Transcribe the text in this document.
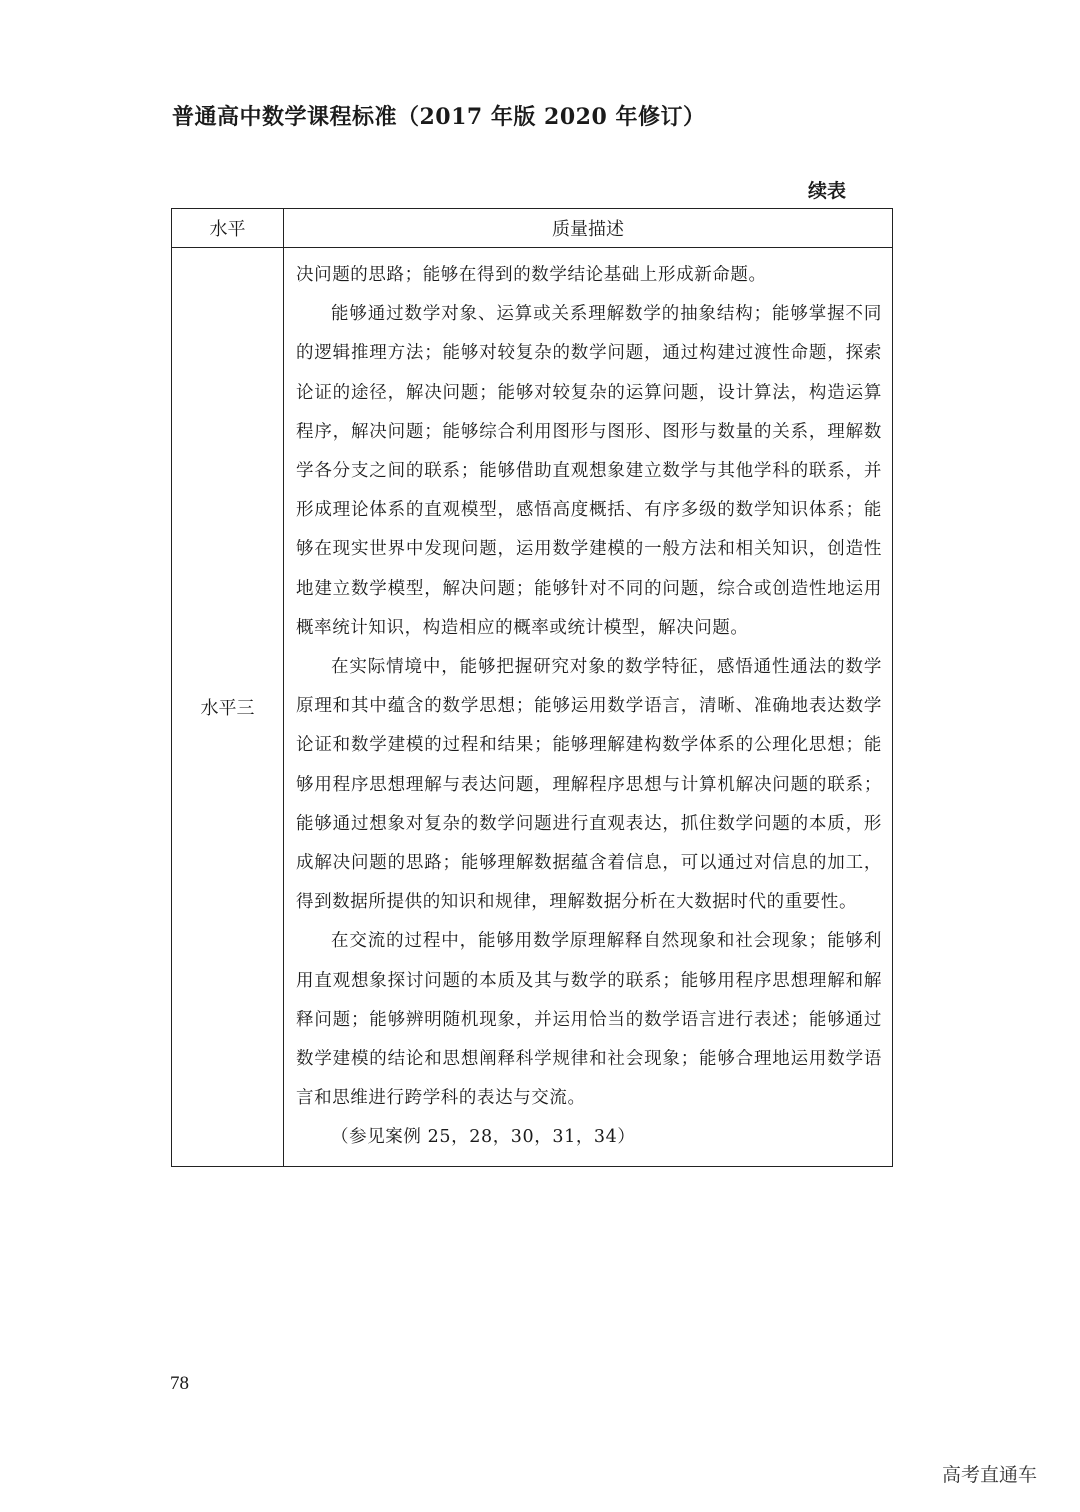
普通高中数学课程标准（2017 年版 2020 年修订）
续表
水平	质量描述
水平三	决问题的思路；能够在得到的数学结论基础上形成新命题。

能够通过数学对象、运算或关系理解数学的抽象结构；能够掌握不同的逻辑推理方法；能够对较复杂的数学问题，通过构建过渡性命题，探索论证的途径，解决问题；能够对较复杂的运算问题，设计算法，构造运算程序，解决问题；能够综合利用图形与图形、图形与数量的关系，理解数学各分支之间的联系；能够借助直观想象建立数学与其他学科的联系，并形成理论体系的直观模型，感悟高度概括、有序多级的数学知识体系；能够在现实世界中发现问题，运用数学建模的一般方法和相关知识，创造性地建立数学模型，解决问题；能够针对不同的问题，综合或创造性地运用概率统计知识，构造相应的概率或统计模型，解决问题。

在实际情境中，能够把握研究对象的数学特征，感悟通性通法的数学原理和其中蕴含的数学思想；能够运用数学语言，清晰、准确地表达数学论证和数学建模的过程和结果；能够理解建构数学体系的公理化思想；能够用程序思想理解与表达问题，理解程序思想与计算机解决问题的联系；能够通过想象对复杂的数学问题进行直观表达，抓住数学问题的本质，形成解决问题的思路；能够理解数据蕴含着信息，可以通过对信息的加工，得到数据所提供的知识和规律，理解数据分析在大数据时代的重要性。

在交流的过程中，能够用数学原理解释自然现象和社会现象；能够利用直观想象探讨问题的本质及其与数学的联系；能够用程序思想理解和解释问题；能够辨明随机现象，并运用恰当的数学语言进行表述；能够通过数学建模的结论和思想阐释科学规律和社会现象；能够合理地运用数学语言和思维进行跨学科的表达与交流。

（参见案例 25，28，30，31，34）

78
高考直通车
